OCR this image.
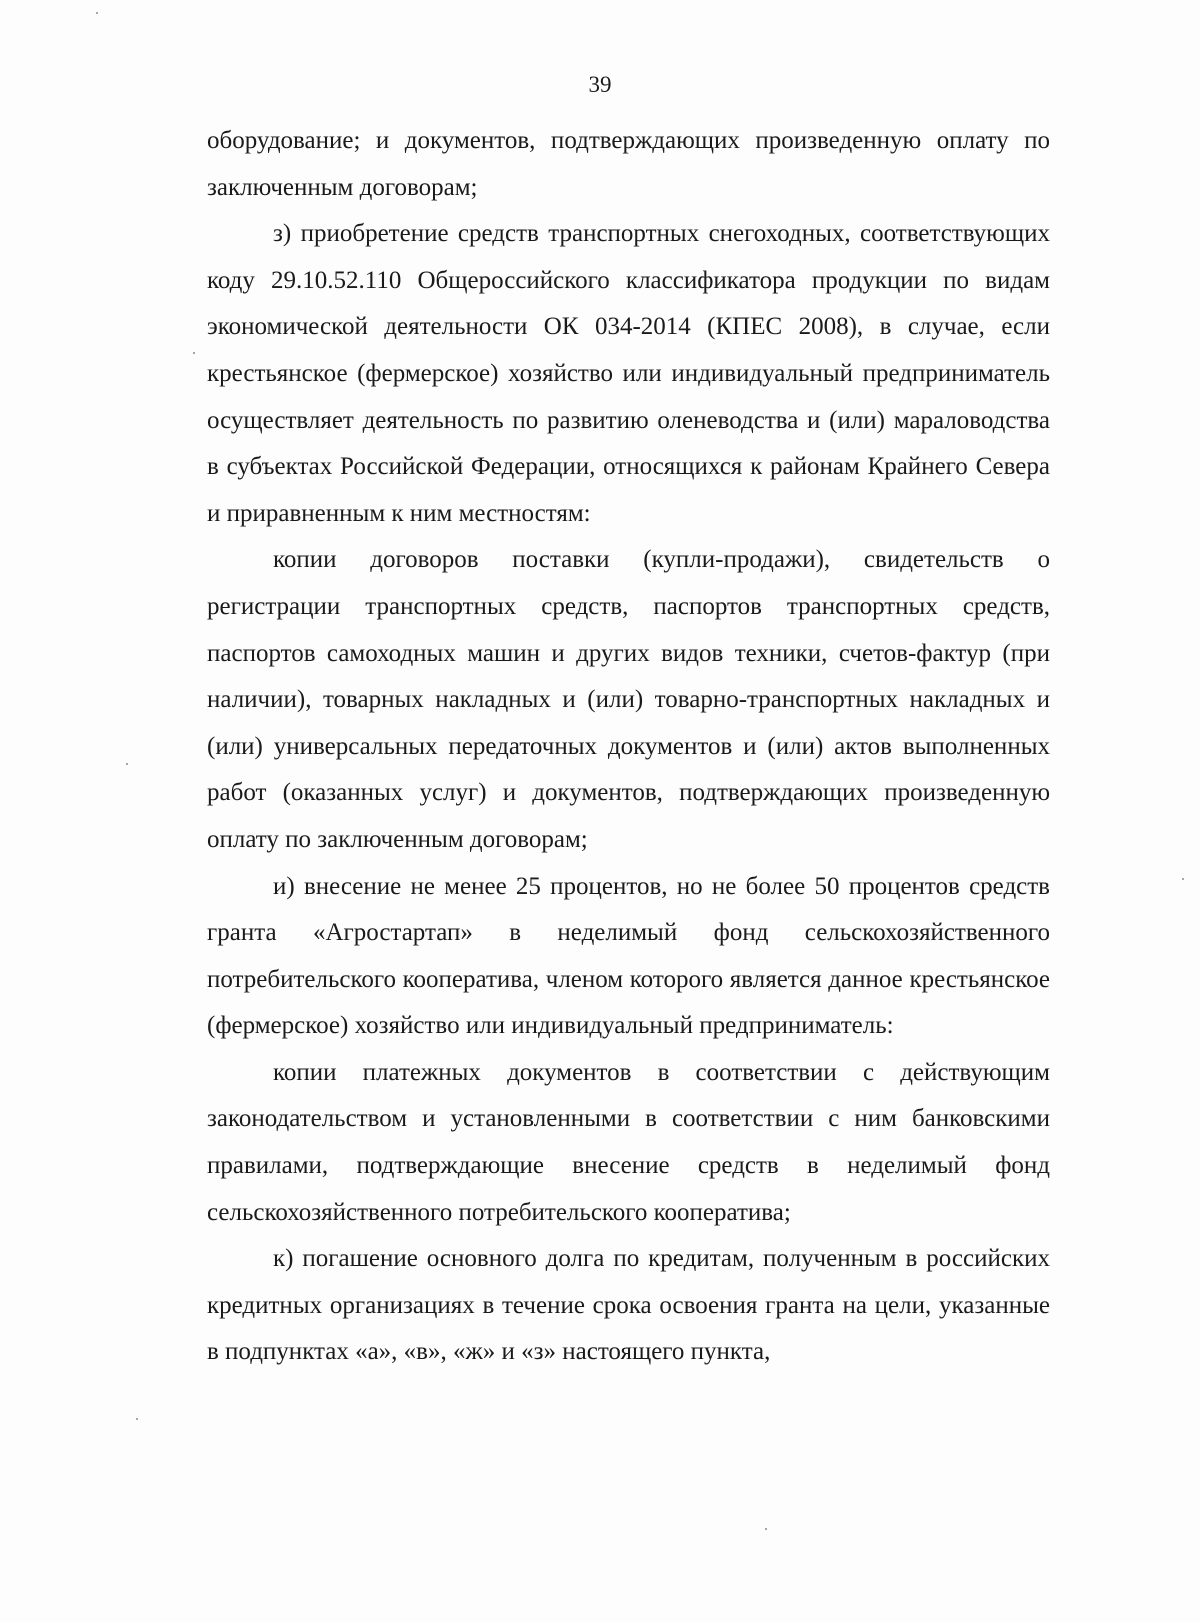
39

оборудование; и документов, подтверждающих произведенную оплату по заключенным договорам;

з) приобретение средств транспортных снегоходных, соответствующих коду 29.10.52.110 Общероссийского классификатора продукции по видам экономической деятельности ОК 034-2014 (КПЕС 2008), в случае, если крестьянское (фермерское) хозяйство или индивидуальный предприниматель осуществляет деятельность по развитию оленеводства и (или) мараловодства в субъектах Российской Федерации, относящихся к районам Крайнего Севера и приравненным к ним местностям:

копии договоров поставки (купли-продажи), свидетельств о регистрации транспортных средств, паспортов транспортных средств, паспортов самоходных машин и других видов техники, счетов-фактур (при наличии), товарных накладных и (или) товарно-транспортных накладных и (или) универсальных передаточных документов и (или) актов выполненных работ (оказанных услуг) и документов, подтверждающих произведенную оплату по заключенным договорам;

и) внесение не менее 25 процентов, но не более 50 процентов средств гранта «Агростартап» в неделимый фонд сельскохозяйственного потребительского кооператива, членом которого является данное крестьянское (фермерское) хозяйство или индивидуальный предприниматель:

копии платежных документов в соответствии с действующим законодательством и установленными в соответствии с ним банковскими правилами, подтверждающие внесение средств в неделимый фонд сельскохозяйственного потребительского кооператива;

к) погашение основного долга по кредитам, полученным в российских кредитных организациях в течение срока освоения гранта на цели, указанные в подпунктах «а», «в», «ж» и «з» настоящего пункта,
